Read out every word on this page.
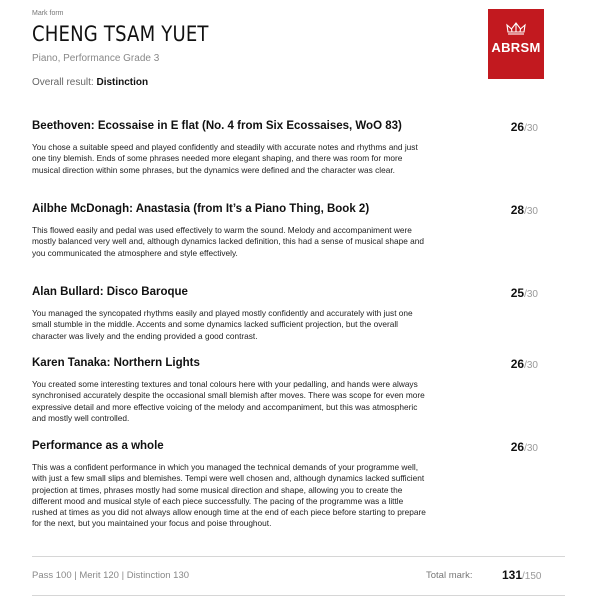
Mark form
CHENG TSAM YUET
Piano, Performance Grade 3
Overall result: Distinction
ABRSM
Beethoven: Ecossaise in E flat (No. 4 from Six Ecossaises, WoO 83)	26/30
You chose a suitable speed and played confidently and steadily with accurate notes and rhythms and just one tiny blemish. Ends of some phrases needed more elegant shaping, and there was room for more musical direction within some phrases, but the dynamics were defined and the character was clear.
Ailbhe McDonagh: Anastasia (from It’s a Piano Thing, Book 2)	28/30
This flowed easily and pedal was used effectively to warm the sound. Melody and accompaniment were mostly balanced very well and, although dynamics lacked definition, this had a sense of musical shape and you communicated the atmosphere and style effectively.
Alan Bullard: Disco Baroque	25/30
You managed the syncopated rhythms easily and played mostly confidently and accurately with just one small stumble in the middle. Accents and some dynamics lacked sufficient projection, but the overall character was lively and the ending provided a good contrast.
Karen Tanaka: Northern Lights	26/30
You created some interesting textures and tonal colours here with your pedalling, and hands were always synchronised accurately despite the occasional small blemish after moves. There was scope for even more expressive detail and more effective voicing of the melody and accompaniment, but this was atmospheric and mostly well controlled.
Performance as a whole	26/30
This was a confident performance in which you managed the technical demands of your programme well, with just a few small slips and blemishes. Tempi were well chosen and, although dynamics lacked sufficient projection at times, phrases mostly had some musical direction and shape, allowing you to create the different mood and musical style of each piece successfully. The pacing of the programme was a little rushed at times as you did not always allow enough time at the end of each piece before starting to prepare for the next, but you maintained your focus and poise throughout.
Pass 100 | Merit 120 | Distinction 130	Total mark: 131/150
